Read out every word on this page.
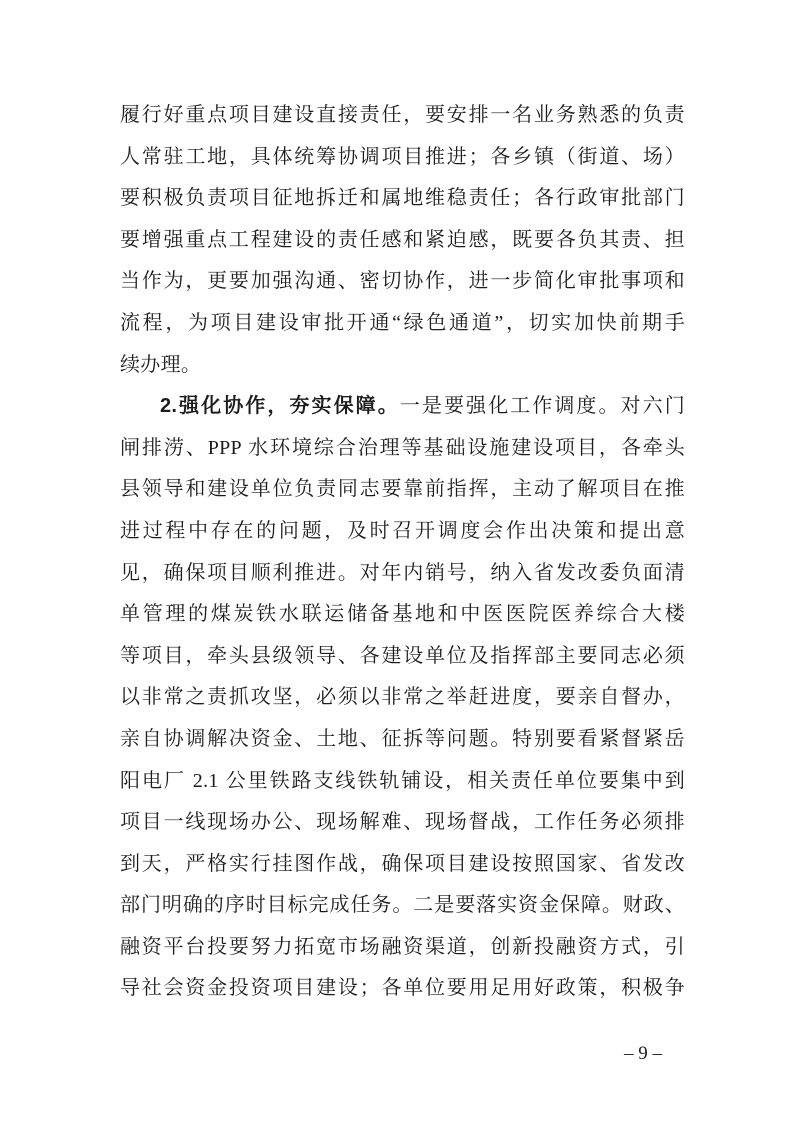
履行好重点项目建设直接责任，要安排一名业务熟悉的负责
人常驻工地，具体统筹协调项目推进；各乡镇（街道、场）
要积极负责项目征地拆迁和属地维稳责任；各行政审批部门
要增强重点工程建设的责任感和紧迫感，既要各负其责、担
当作为，更要加强沟通、密切协作，进一步简化审批事项和
流程，为项目建设审批开通“绿色通道”，切实加快前期手
续办理。
2.强化协作，夯实保障。一是要强化工作调度。对六门
闸排涝、PPP 水环境综合治理等基础设施建设项目，各牵头
县领导和建设单位负责同志要靠前指挥，主动了解项目在推
进过程中存在的问题，及时召开调度会作出决策和提出意
见，确保项目顺利推进。对年内销号，纳入省发改委负面清
单管理的煤炭铁水联运储备基地和中医医院医养综合大楼
等项目，牵头县级领导、各建设单位及指挥部主要同志必须
以非常之责抓攻坚，必须以非常之举赶进度，要亲自督办，
亲自协调解决资金、土地、征拆等问题。特别要看紧督紧岳
阳电厂 2.1 公里铁路支线铁轨铺设，相关责任单位要集中到
项目一线现场办公、现场解难、现场督战，工作任务必须排
到天，严格实行挂图作战，确保项目建设按照国家、省发改
部门明确的序时目标完成任务。二是要落实资金保障。财政、
融资平台投要努力拓宽市场融资渠道，创新投融资方式，引
导社会资金投资项目建设；各单位要用足用好政策，积极争
– 9 –
